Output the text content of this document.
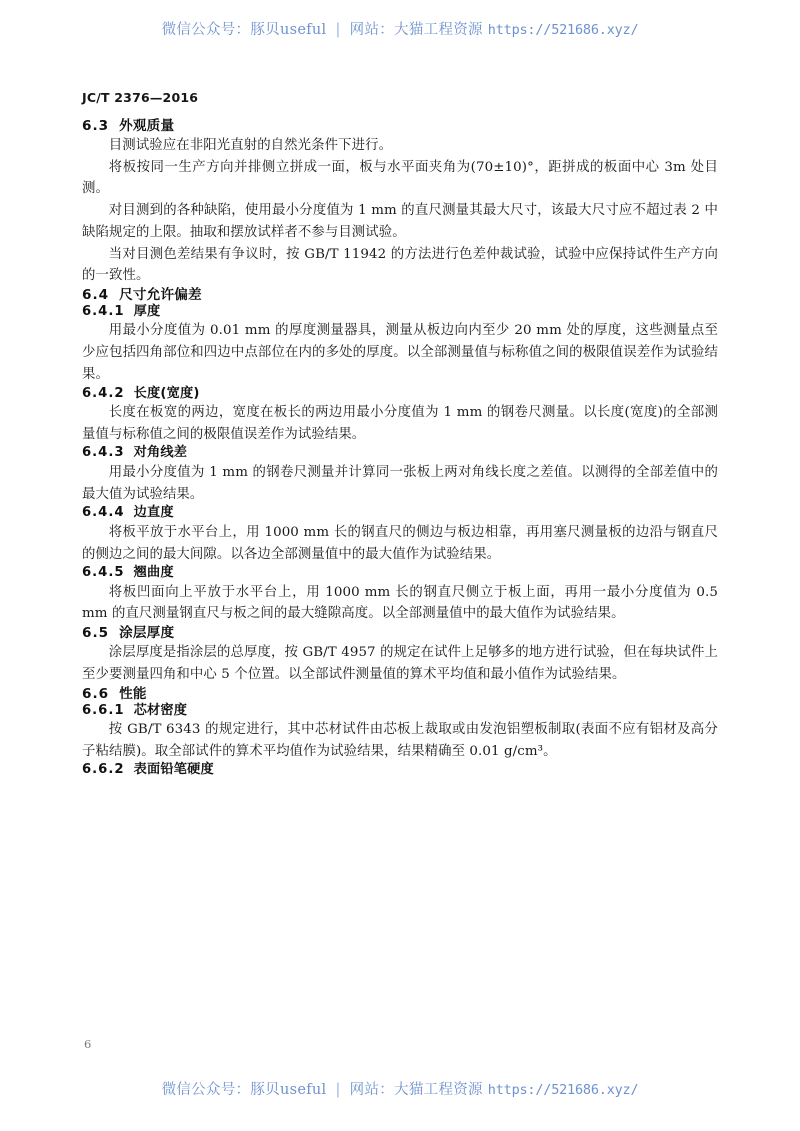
微信公众号：豚贝useful | 网站：大猫工程资源 https://521686.xyz/
JC/T 2376—2016
6.3 外观质量

目测试验应在非阳光直射的自然光条件下进行。

将板按同一生产方向并排侧立拼成一面，板与水平面夹角为(70±10)°，距拼成的板面中心 3m 处目测。

对目测到的各种缺陷，使用最小分度值为 1 mm 的直尺测量其最大尺寸，该最大尺寸应不超过表 2 中缺陷规定的上限。抽取和摆放试样者不参与目测试验。

当对目测色差结果有争议时，按 GB/T 11942 的方法进行色差仲裁试验，试验中应保持试件生产方向的一致性。

6.4 尺寸允许偏差
6.4.1 厚度

用最小分度值为 0.01 mm 的厚度测量器具，测量从板边向内至少 20 mm 处的厚度，这些测量点至少应包括四角部位和四边中点部位在内的多处的厚度。以全部测量值与标称值之间的极限值误差作为试验结果。

6.4.2 长度(宽度)

长度在板宽的两边，宽度在板长的两边用最小分度值为 1 mm 的钢卷尺测量。以长度(宽度)的全部测量值与标称值之间的极限值误差作为试验结果。

6.4.3 对角线差

用最小分度值为 1 mm 的钢卷尺测量并计算同一张板上两对角线长度之差值。以测得的全部差值中的最大值为试验结果。

6.4.4 边直度

将板平放于水平台上，用 1000 mm 长的钢直尺的侧边与板边相靠，再用塞尺测量板的边沿与钢直尺的侧边之间的最大间隙。以各边全部测量值中的最大值作为试验结果。

6.4.5 翘曲度

将板凹面向上平放于水平台上，用 1000 mm 长的钢直尺侧立于板上面，再用一最小分度值为 0.5 mm 的直尺测量钢直尺与板之间的最大缝隙高度。以全部测量值中的最大值作为试验结果。

6.5 涂层厚度

涂层厚度是指涂层的总厚度，按 GB/T 4957 的规定在试件上足够多的地方进行试验，但在每块试件上至少要测量四角和中心 5 个位置。以全部试件测量值的算术平均值和最小值作为试验结果。

6.6 性能
6.6.1 芯材密度

按 GB/T 6343 的规定进行，其中芯材试件由芯板上裁取或由发泡铝塑板制取(表面不应有铝材及高分子粘结膜)。取全部试件的算术平均值作为试验结果，结果精确至 0.01 g/cm³。

6.6.2 表面铅笔硬度
6
微信公众号：豚贝useful | 网站：大猫工程资源 https://521686.xyz/
